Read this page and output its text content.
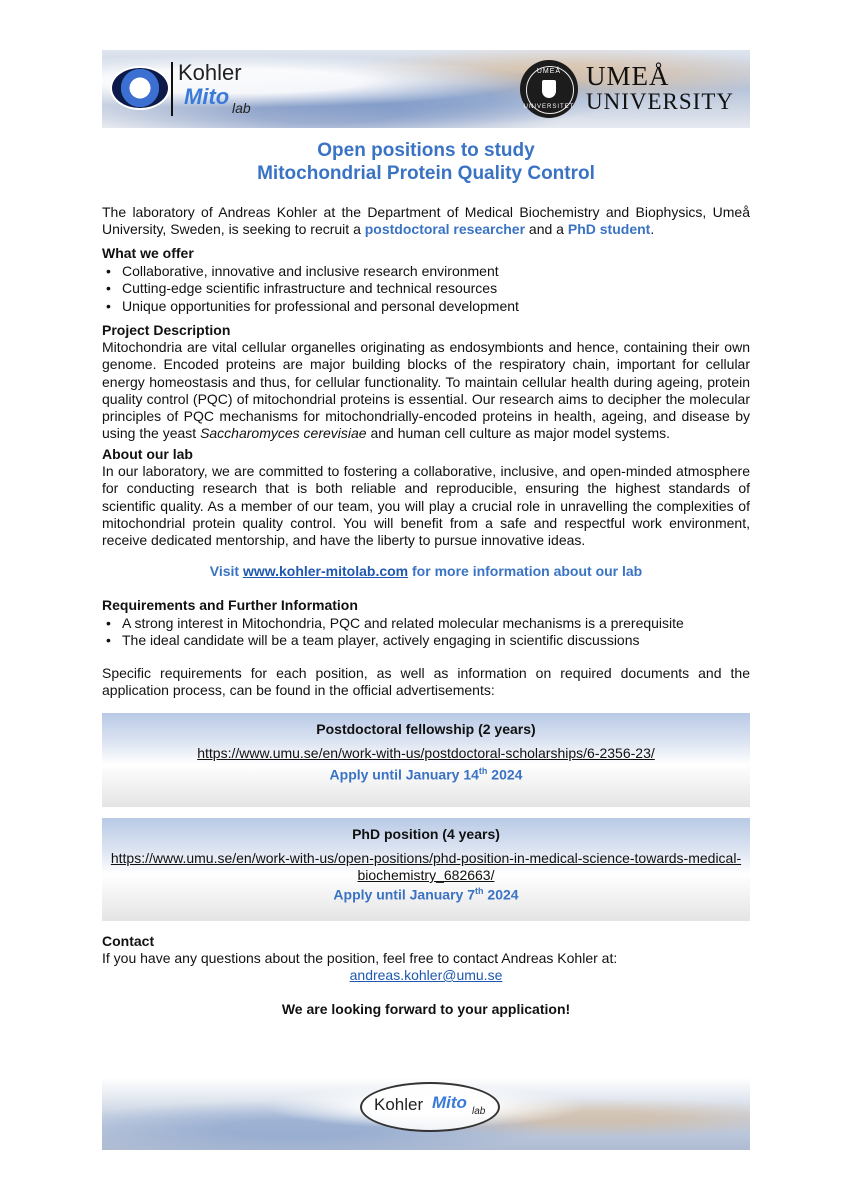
Kohler
Mito lab
UMEÅ
UNIVERSITET
UMEÅ
UNIVERSITY
Open positions to study
Mitochondrial Protein Quality Control
The laboratory of Andreas Kohler at the Department of Medical Biochemistry and Biophysics, Umeå University, Sweden, is seeking to recruit a postdoctoral researcher and a PhD student.
What we offer
• Collaborative, innovative and inclusive research environment
• Cutting-edge scientific infrastructure and technical resources
• Unique opportunities for professional and personal development
Project Description
Mitochondria are vital cellular organelles originating as endosymbionts and hence, containing their own genome. Encoded proteins are major building blocks of the respiratory chain, important for cellular energy homeostasis and thus, for cellular functionality. To maintain cellular health during ageing, protein quality control (PQC) of mitochondrial proteins is essential. Our research aims to decipher the molecular principles of PQC mechanisms for mitochondrially-encoded proteins in health, ageing, and disease by using the yeast Saccharomyces cerevisiae and human cell culture as major model systems.
About our lab
In our laboratory, we are committed to fostering a collaborative, inclusive, and open-minded atmosphere for conducting research that is both reliable and reproducible, ensuring the highest standards of scientific quality. As a member of our team, you will play a crucial role in unravelling the complexities of mitochondrial protein quality control. You will benefit from a safe and respectful work environment, receive dedicated mentorship, and have the liberty to pursue innovative ideas.
Visit www.kohler-mitolab.com for more information about our lab
Requirements and Further Information
• A strong interest in Mitochondria, PQC and related molecular mechanisms is a prerequisite
• The ideal candidate will be a team player, actively engaging in scientific discussions
Specific requirements for each position, as well as information on required documents and the application process, can be found in the official advertisements:
Postdoctoral fellowship (2 years)
https://www.umu.se/en/work-with-us/postdoctoral-scholarships/6-2356-23/
Apply until January 14th 2024
PhD position (4 years)
https://www.umu.se/en/work-with-us/open-positions/phd-position-in-medical-science-towards-medical-
biochemistry_682663/
Apply until January 7th 2024
Contact
If you have any questions about the position, feel free to contact Andreas Kohler at:
andreas.kohler@umu.se
We are looking forward to your application!
Kohler Mito lab
